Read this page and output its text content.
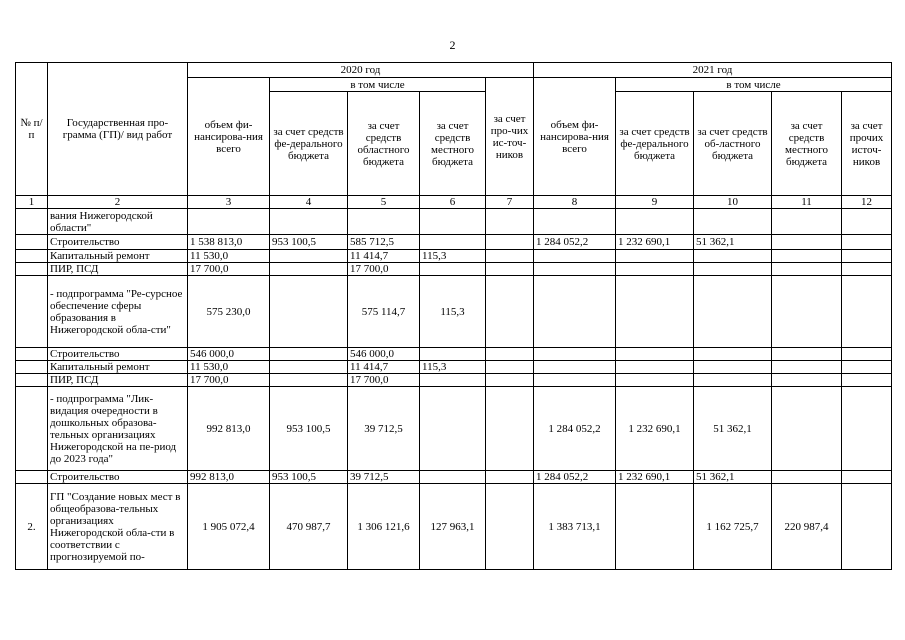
2
№ п/п	Государственная про-грамма (ГП)/ вид работ	2020 год					2021 год				
		объем фи-нансирова-ния всего	в том числе			за счет про-чих ис-точ-ников	объем фи-нансирова-ния всего	в том числе			
			за счет средств фе-дерального бюджета	за счет средств областного бюджета	за счет средств местного бюджета			за счет средств фе-дерального бюджета	за счет средств об-ластного бюджета	за счет средств местного бюджета	за счет прочих источ-ников

1	2	3	4	5	6	7	8	9	10	11	12
	вания Нижегородской области"										
	Строительство	1 538 813,0	953 100,5	585 712,5			1 284 052,2	1 232 690,1	51 362,1		
	Капитальный ремонт	11 530,0		11 414,7	115,3						
	ПИР, ПСД	17 700,0		17 700,0							
	- подпрограмма "Ре-сурсное обеспечение сферы образования в Нижегородской обла-сти"	575 230,0		575 114,7	115,3						
	Строительство	546 000,0		546 000,0							
	Капитальный ремонт	11 530,0		11 414,7	115,3						
	ПИР, ПСД	17 700,0		17 700,0							
	- подпрограмма "Лик-видация очередности в дошкольных образова-тельных организациях Нижегородской на пе-риод до 2023 года"	992 813,0	953 100,5	39 712,5			1 284 052,2	1 232 690,1	51 362,1		
	Строительство	992 813,0	953 100,5	39 712,5			1 284 052,2	1 232 690,1	51 362,1		
2.	ГП "Создание новых мест в общеобразова-тельных организациях Нижегородской обла-сти в соответствии с прогнозируемой по-	1 905 072,4	470 987,7	1 306 121,6	127 963,1		1 383 713,1		1 162 725,7	220 987,4	
